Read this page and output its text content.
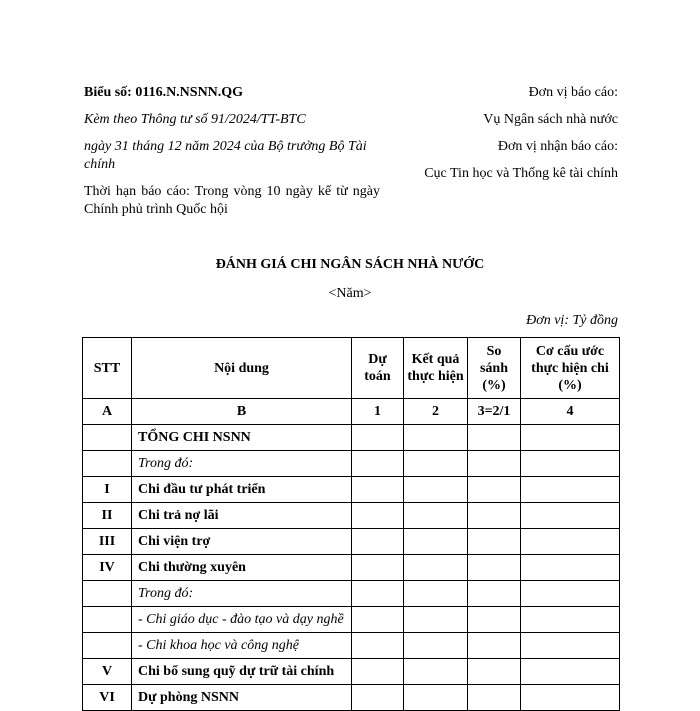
Biểu số: 0116.N.NSNN.QG

Kèm theo Thông tư số 91/2024/TT-BTC

ngày 31 tháng 12 năm 2024 của Bộ trưởng Bộ Tài chính

Thời hạn báo cáo: Trong vòng 10 ngày kể từ ngày Chính phủ trình Quốc hội

Đơn vị báo cáo:

Vụ Ngân sách nhà nước

Đơn vị nhận báo cáo:

Cục Tin học và Thống kê tài chính

ĐÁNH GIÁ CHI NGÂN SÁCH NHÀ NƯỚC
<Năm>
Đơn vị: Tỷ đồng
STT	Nội dung	Dự toán	Kết quả thực hiện	So sánh (%)	Cơ cấu ước thực hiện chi (%)
A	B	1	2	3=2/1	4
	TỔNG CHI NSNN				
	Trong đó:				
I	Chi đầu tư phát triển				
II	Chi trả nợ lãi				
III	Chi viện trợ				
IV	Chi thường xuyên				
	Trong đó:				
	- Chi giáo dục - đào tạo và dạy nghề				
	- Chi khoa học và công nghệ				
V	Chi bổ sung quỹ dự trữ tài chính				
VI	Dự phòng NSNN				
